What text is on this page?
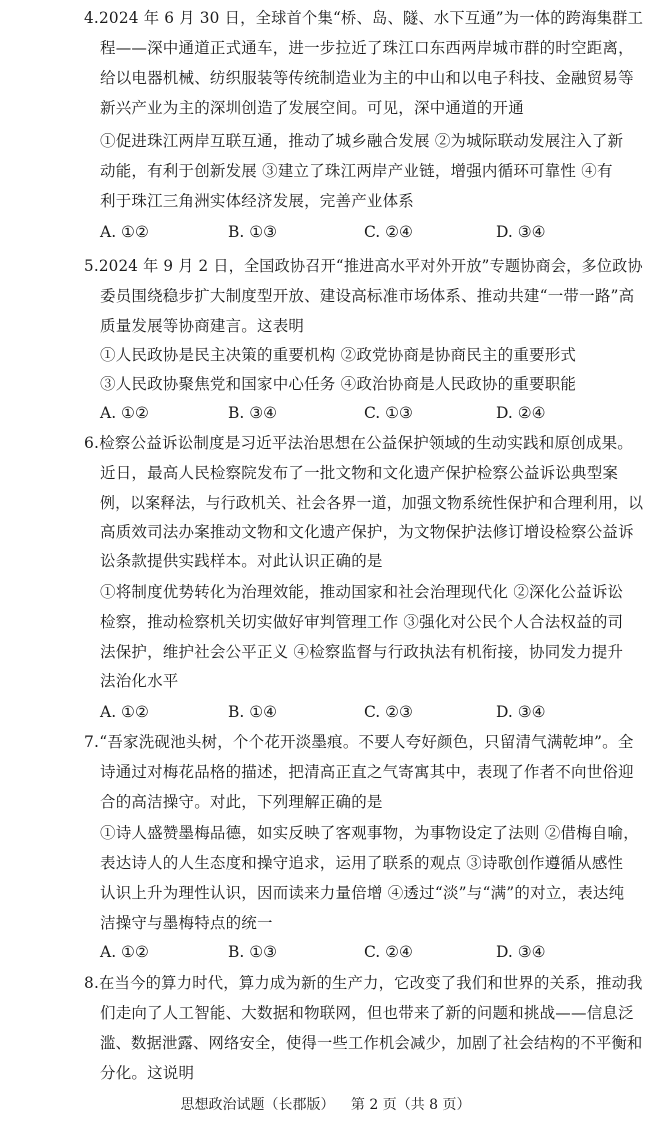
4.2024 年 6 月 30 日，全球首个集“桥、岛、隧、水下互通”为一体的跨海集群工
程——深中通道正式通车，进一步拉近了珠江口东西两岸城市群的时空距离，
给以电器机械、纺织服装等传统制造业为主的中山和以电子科技、金融贸易等
新兴产业为主的深圳创造了发展空间。可见，深中通道的开通
①促进珠江两岸互联互通，推动了城乡融合发展 ②为城际联动发展注入了新
动能，有利于创新发展 ③建立了珠江两岸产业链，增强内循环可靠性 ④有
利于珠江三角洲实体经济发展，完善产业体系
A. ①②	B. ①③	C. ②④	D. ③④
5.2024 年 9 月 2 日，全国政协召开“推进高水平对外开放”专题协商会，多位政协
委员围绕稳步扩大制度型开放、建设高标准市场体系、推动共建“一带一路”高
质量发展等协商建言。这表明
①人民政协是民主决策的重要机构 ②政党协商是协商民主的重要形式
③人民政协聚焦党和国家中心任务 ④政治协商是人民政协的重要职能
A. ①②	B. ③④	C. ①③	D. ②④
6.检察公益诉讼制度是习近平法治思想在公益保护领域的生动实践和原创成果。
近日，最高人民检察院发布了一批文物和文化遗产保护检察公益诉讼典型案
例，以案释法，与行政机关、社会各界一道，加强文物系统性保护和合理利用，以
高质效司法办案推动文物和文化遗产保护，为文物保护法修订增设检察公益诉
讼条款提供实践样本。对此认识正确的是
①将制度优势转化为治理效能，推动国家和社会治理现代化 ②深化公益诉讼
检察，推动检察机关切实做好审判管理工作 ③强化对公民个人合法权益的司
法保护，维护社会公平正义 ④检察监督与行政执法有机衔接，协同发力提升
法治化水平
A. ①②	B. ①④	C. ②③	D. ③④
7.“吾家洗砚池头树，个个花开淡墨痕。不要人夸好颜色，只留清气满乾坤”。全
诗通过对梅花品格的描述，把清高正直之气寄寓其中，表现了作者不向世俗迎
合的高洁操守。对此，下列理解正确的是
①诗人盛赞墨梅品德，如实反映了客观事物，为事物设定了法则 ②借梅自喻，
表达诗人的人生态度和操守追求，运用了联系的观点 ③诗歌创作遵循从感性
认识上升为理性认识，因而读来力量倍增 ④透过“淡”与“满”的对立，表达纯
洁操守与墨梅特点的统一
A. ①②	B. ①③	C. ②④	D. ③④
8.在当今的算力时代，算力成为新的生产力，它改变了我们和世界的关系，推动我
们走向了人工智能、大数据和物联网，但也带来了新的问题和挑战——信息泛
滥、数据泄露、网络安全，使得一些工作机会减少，加剧了社会结构的不平衡和
分化。这说明
思想政治试题（长郡版） 第 2 页（共 8 页）
